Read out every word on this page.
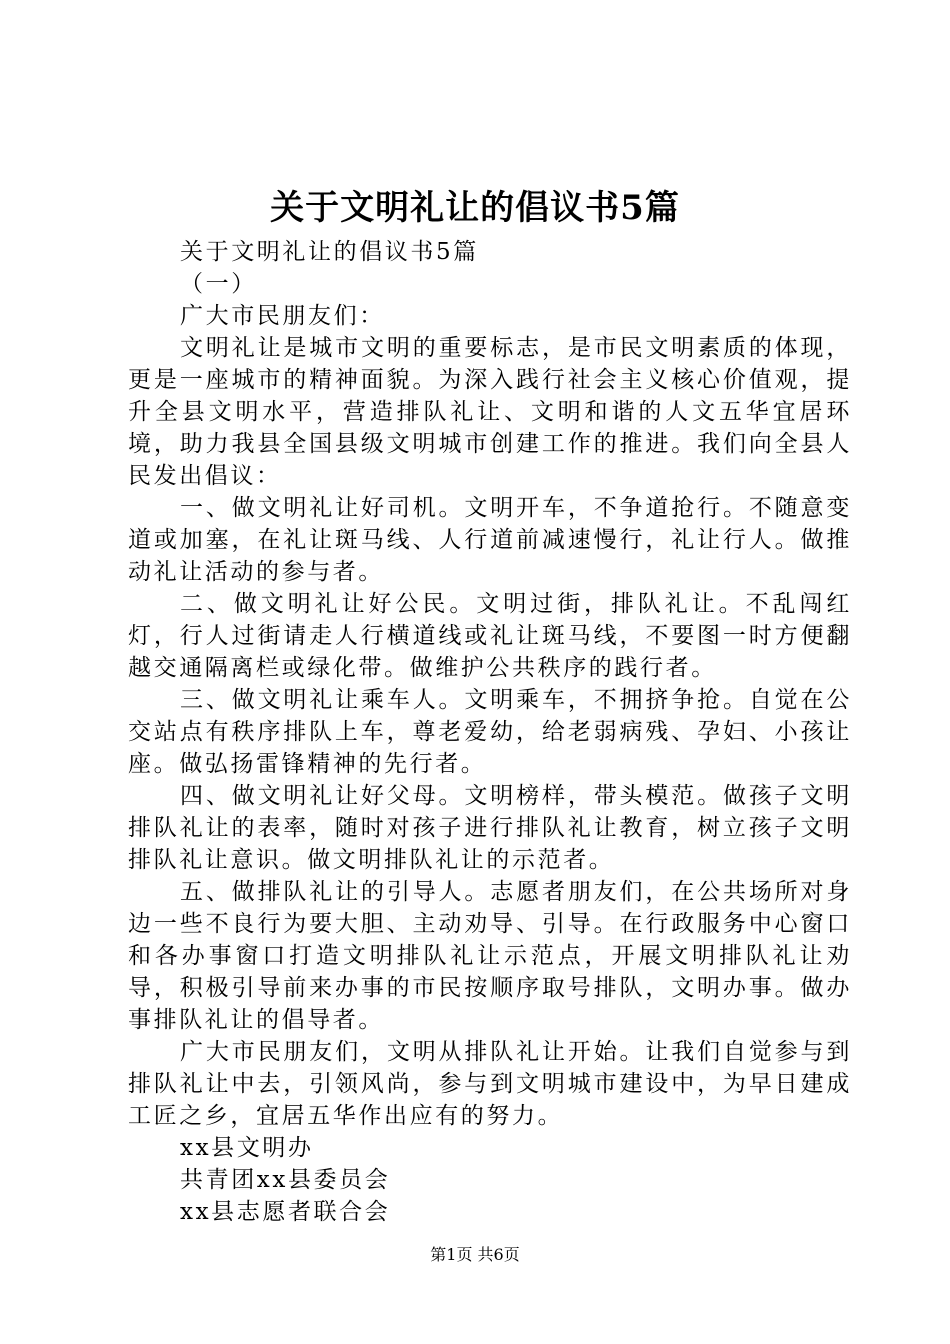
关于文明礼让的倡议书5篇

关于文明礼让的倡议书5篇

（一）

广大市民朋友们：

文明礼让是城市文明的重要标志，是市民文明素质的体现，更是一座城市的精神面貌。为深入践行社会主义核心价值观，提升全县文明水平，营造排队礼让、文明和谐的人文五华宜居环境，助力我县全国县级文明城市创建工作的推进。我们向全县人民发出倡议：

一、做文明礼让好司机。文明开车，不争道抢行。不随意变道或加塞，在礼让斑马线、人行道前减速慢行，礼让行人。做推动礼让活动的参与者。

二、做文明礼让好公民。文明过街，排队礼让。不乱闯红灯，行人过街请走人行横道线或礼让斑马线，不要图一时方便翻越交通隔离栏或绿化带。做维护公共秩序的践行者。

三、做文明礼让乘车人。文明乘车，不拥挤争抢。自觉在公交站点有秩序排队上车，尊老爱幼，给老弱病残、孕妇、小孩让座。做弘扬雷锋精神的先行者。

四、做文明礼让好父母。文明榜样，带头模范。做孩子文明排队礼让的表率，随时对孩子进行排队礼让教育，树立孩子文明排队礼让意识。做文明排队礼让的示范者。

五、做排队礼让的引导人。志愿者朋友们，在公共场所对身边一些不良行为要大胆、主动劝导、引导。在行政服务中心窗口和各办事窗口打造文明排队礼让示范点，开展文明排队礼让劝导，积极引导前来办事的市民按顺序取号排队，文明办事。做办事排队礼让的倡导者。

广大市民朋友们，文明从排队礼让开始。让我们自觉参与到排队礼让中去，引领风尚，参与到文明城市建设中，为早日建成工匠之乡，宜居五华作出应有的努力。

xx县文明办

共青团xx县委员会

xx县志愿者联合会

第1页 共6页
